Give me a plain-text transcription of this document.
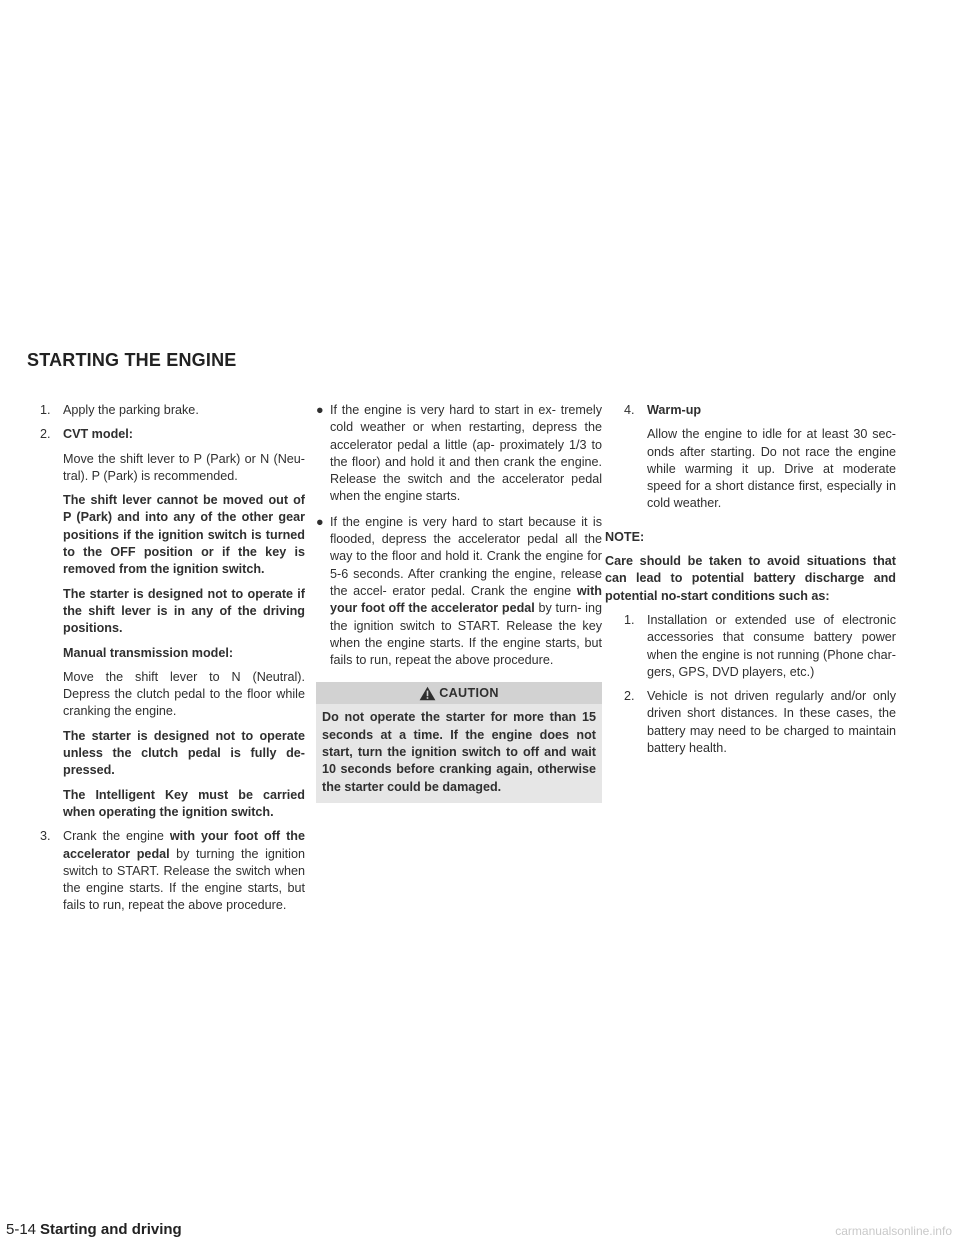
STARTING THE ENGINE
1. Apply the parking brake.
2. CVT model:
Move the shift lever to P (Park) or N (Neu- tral). P (Park) is recommended.
The shift lever cannot be moved out of P (Park) and into any of the other gear positions if the ignition switch is turned to the OFF position or if the key is removed from the ignition switch.
The starter is designed not to operate if the shift lever is in any of the driving positions.
Manual transmission model:
Move the shift lever to N (Neutral). Depress the clutch pedal to the floor while cranking the engine.
The starter is designed not to operate unless the clutch pedal is fully de- pressed.
The Intelligent Key must be carried when operating the ignition switch.
3. Crank the engine with your foot off the accelerator pedal by turning the ignition switch to START. Release the switch when the engine starts. If the engine starts, but fails to run, repeat the above procedure.
● If the engine is very hard to start in ex- tremely cold weather or when restarting, depress the accelerator pedal a little (ap- proximately 1/3 to the floor) and hold it and then crank the engine. Release the switch and the accelerator pedal when the engine starts.
● If the engine is very hard to start because it is flooded, depress the accelerator pedal all the way to the floor and hold it. Crank the engine for 5-6 seconds. After cranking the engine, release the accel- erator pedal. Crank the engine with your foot off the accelerator pedal by turn- ing the ignition switch to START. Release the key when the engine starts. If the engine starts, but fails to run, repeat the above procedure.
CAUTION
Do not operate the starter for more than 15 seconds at a time. If the engine does not start, turn the ignition switch to off and wait 10 seconds before cranking again, otherwise the starter could be damaged.
4. Warm-up
Allow the engine to idle for at least 30 sec- onds after starting. Do not race the engine while warming it up. Drive at moderate speed for a short distance first, especially in cold weather.
NOTE:
Care should be taken to avoid situations that can lead to potential battery discharge and potential no-start conditions such as:
1. Installation or extended use of electronic accessories that consume battery power when the engine is not running (Phone char- gers, GPS, DVD players, etc.)
2. Vehicle is not driven regularly and/or only driven short distances. In these cases, the battery may need to be charged to maintain battery health.
5-14 Starting and driving	carmanualsonline.info
